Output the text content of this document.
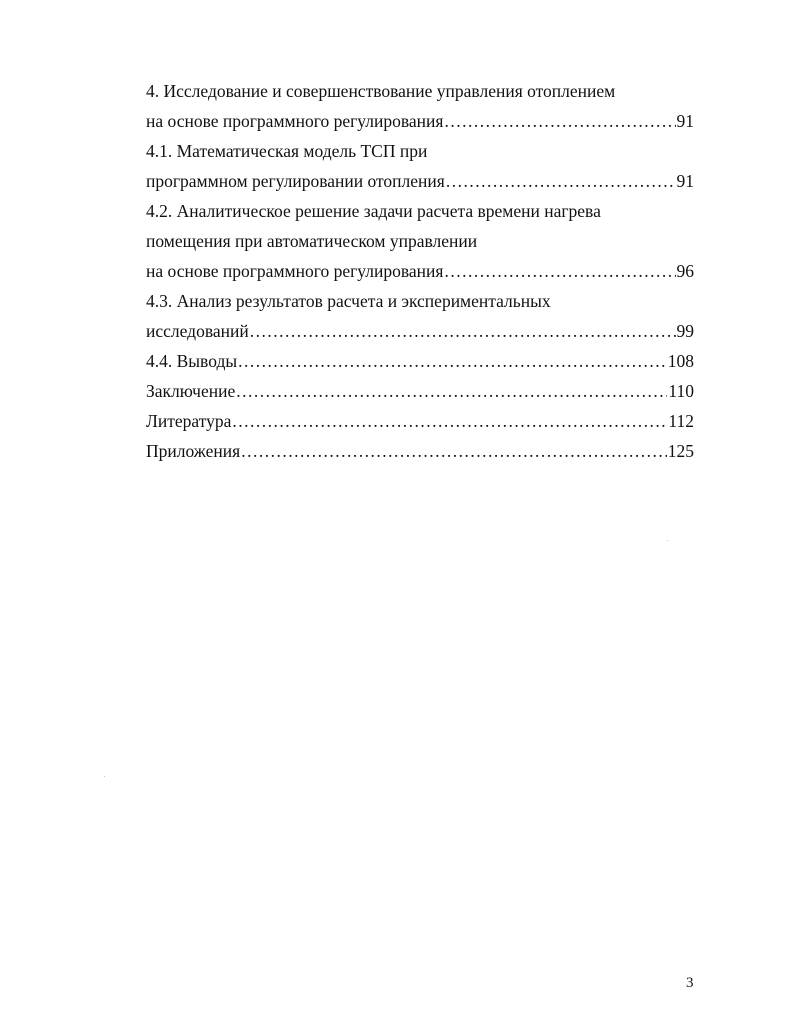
4. Исследование и совершенствование управления отоплением
на основе программного регулирования .....	91
4.1. Математическая модель ТСП при
программном регулировании отопления .....	91
4.2. Аналитическое решение задачи расчета времени нагрева
помещения при автоматическом управлении
на основе программного регулирования .....	96
4.3. Анализ результатов расчета и экспериментальных
исследований .....	99
4.4. Выводы .....	108
Заключение .....	110
Литература .....	112
Приложения .....	125
3
